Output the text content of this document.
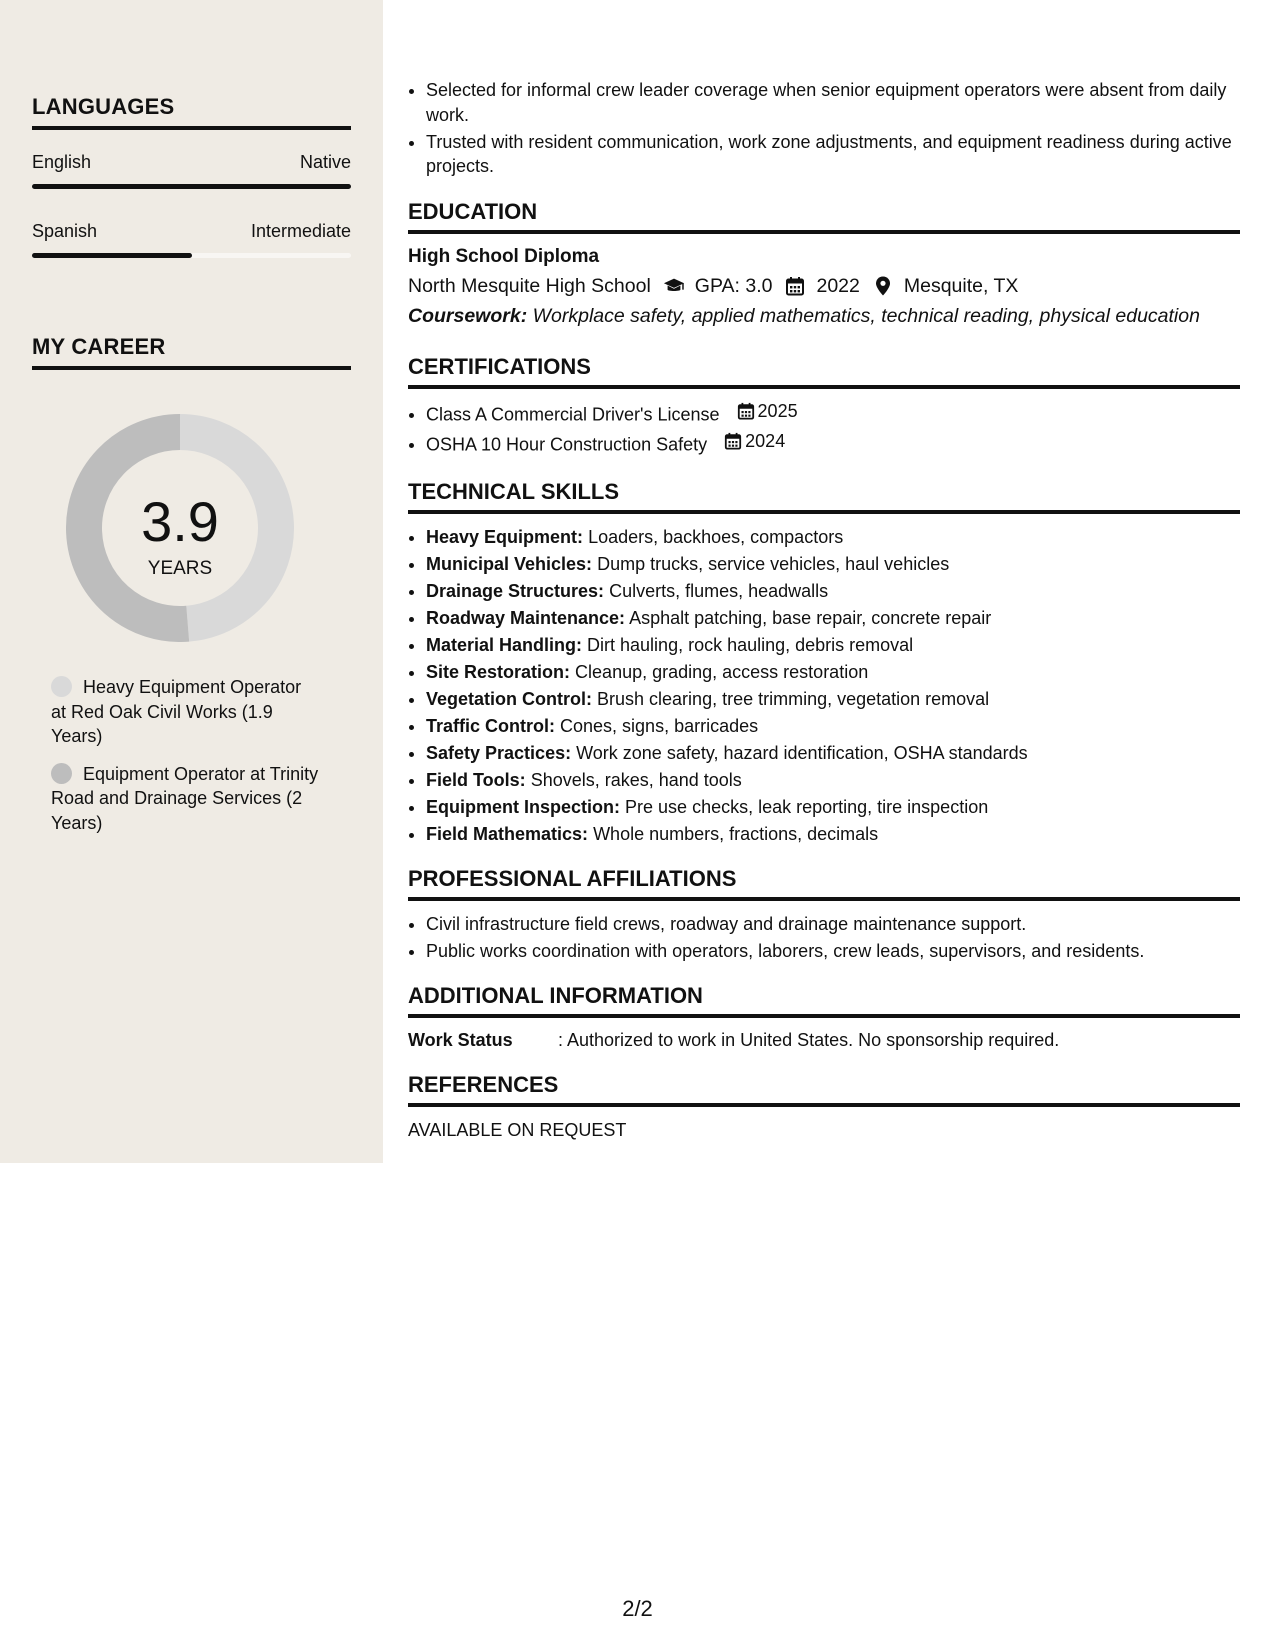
LANGUAGES
English	Native
Spanish	Intermediate
MY CAREER
3.9
YEARS
Heavy Equipment Operator at Red Oak Civil Works (1.9 Years)
Equipment Operator at Trinity Road and Drainage Services (2 Years)
• Selected for informal crew leader coverage when senior equipment operators were absent from daily work.
• Trusted with resident communication, work zone adjustments, and equipment readiness during active projects.
EDUCATION
High School Diploma
North Mesquite High School GPA: 3.0 2022 Mesquite, TX
Coursework: Workplace safety, applied mathematics, technical reading, physical education
CERTIFICATIONS
• Class A Commercial Driver's License 2025
• OSHA 10 Hour Construction Safety 2024
TECHNICAL SKILLS
• Heavy Equipment: Loaders, backhoes, compactors
• Municipal Vehicles: Dump trucks, service vehicles, haul vehicles
• Drainage Structures: Culverts, flumes, headwalls
• Roadway Maintenance: Asphalt patching, base repair, concrete repair
• Material Handling: Dirt hauling, rock hauling, debris removal
• Site Restoration: Cleanup, grading, access restoration
• Vegetation Control: Brush clearing, tree trimming, vegetation removal
• Traffic Control: Cones, signs, barricades
• Safety Practices: Work zone safety, hazard identification, OSHA standards
• Field Tools: Shovels, rakes, hand tools
• Equipment Inspection: Pre use checks, leak reporting, tire inspection
• Field Mathematics: Whole numbers, fractions, decimals
PROFESSIONAL AFFILIATIONS
• Civil infrastructure field crews, roadway and drainage maintenance support.
• Public works coordination with operators, laborers, crew leads, supervisors, and residents.
ADDITIONAL INFORMATION
Work Status	: Authorized to work in United States. No sponsorship required.
REFERENCES
AVAILABLE ON REQUEST
2/2
